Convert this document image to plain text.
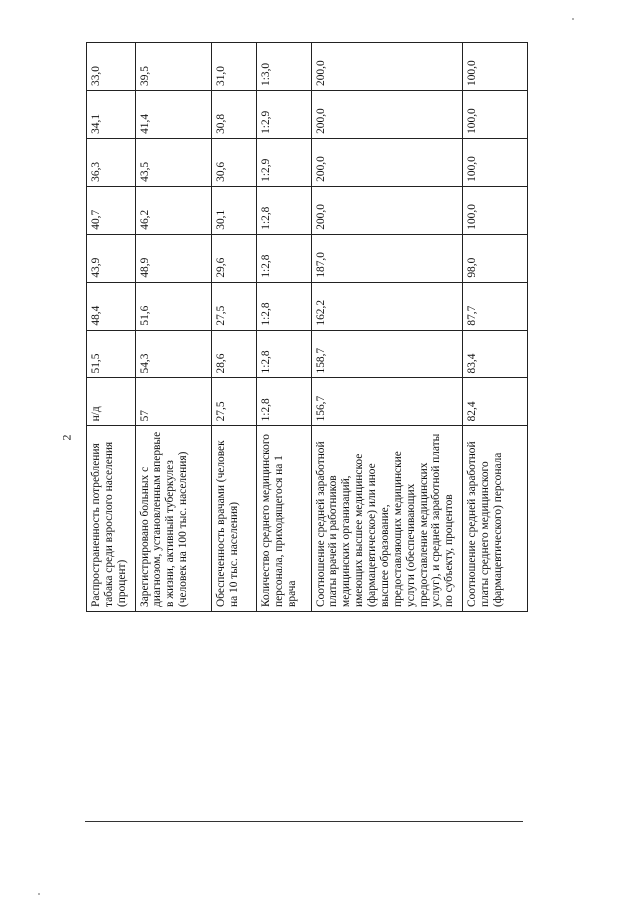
2
Распространенность потребления табака среди взрослого населения (процент)	н/д	51,5	48,4	43,9	40,7	36,3	34,1	33,0
Зарегистрировано больных с диагнозом, установленным впервые в жизни, активный туберкулез (человек на 100 тыс. населения)	57	54,3	51,6	48,9	46,2	43,5	41,4	39,5
Обеспеченность врачами (человек на 10 тыс. населения)	27,5	28,6	27,5	29,6	30,1	30,6	30,8	31,0
Количество среднего медицинского персонала, приходящегося на 1 врача	1:2,8	1:2,8	1:2,8	1:2,8	1:2,8	1:2,9	1:2,9	1:3,0
Соотношение средней заработной платы врачей и работников медицинских организаций, имеющих высшее медицинское (фармацевтическое) или иное высшее образование, предоставляющих медицинские услуги (обеспечивающих предоставление медицинских услуг), и средней заработной платы по субъекту, процентов	156,7	158,7	162,2	187,0	200,0	200,0	200,0	200,0
Соотношение средней заработной платы среднего медицинского (фармацевтического) персонала	82,4	83,4	87,7	98,0	100,0	100,0	100,0	100,0
